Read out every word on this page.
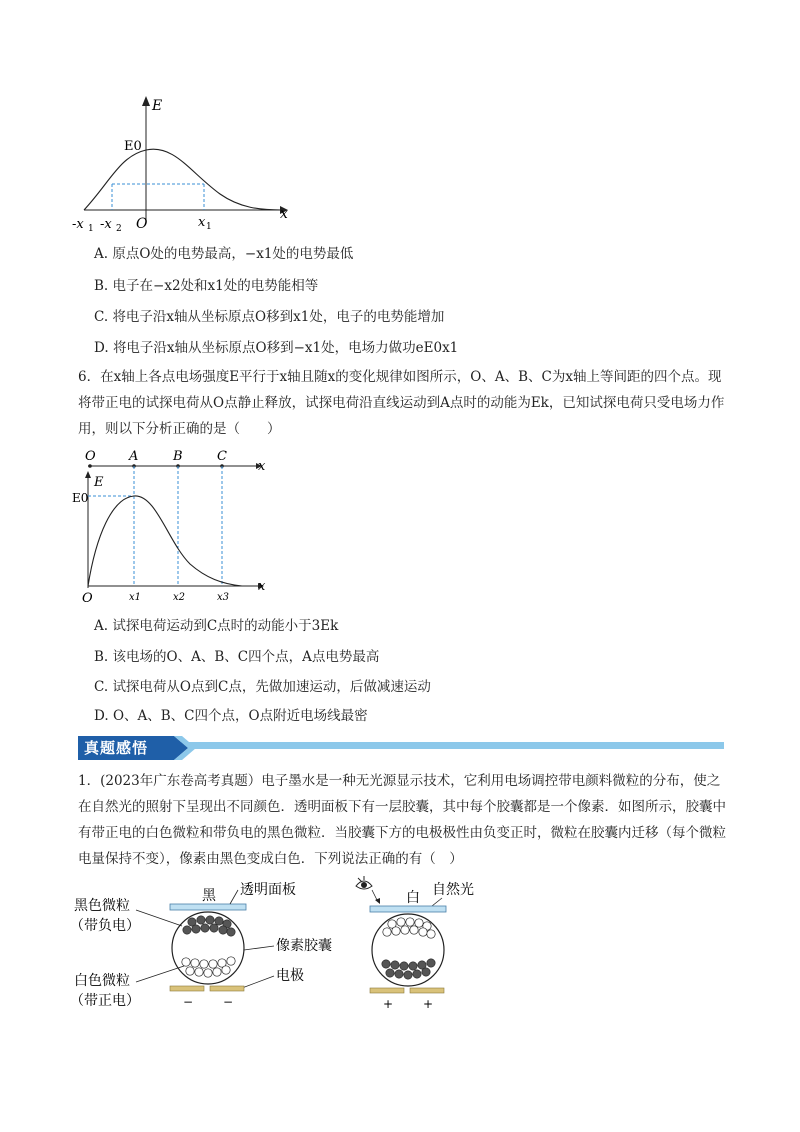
E
E0
x
-x 1 -x 2 O	x 1
A. 原点O处的电势最高，−x1处的电势最低
B. 电子在−x2处和x1处的电势能相等
C. 将电子沿x轴从坐标原点O移到x1处，电子的电势能增加
D. 将电子沿x轴从坐标原点O移到−x1处，电场力做功eE0x1
6．在x轴上各点电场强度E平行于x轴且随x的变化规律如图所示，O、A、B、C为x轴上等间距的四个点。现将带正电的试探电荷从O点静止释放，试探电荷沿直线运动到A点时的动能为Ek，已知试探电荷只受电场力作用，则以下分析正确的是（　　）
O	A	B	C
x
E
E0
O
x
x1	x2	x3
A. 试探电荷运动到C点时的动能小于3Ek
B. 该电场的O、A、B、C四个点，A点电势最高
C. 试探电荷从O点到C点，先做加速运动，后做减速运动
D. O、A、B、C四个点，O点附近电场线最密
真题感悟
1．(2023年广东卷高考真题）电子墨水是一种无光源显示技术，它利用电场调控带电颜料微粒的分布，使之在自然光的照射下呈现出不同颜色．透明面板下有一层胶囊，其中每个胶囊都是一个像素．如图所示，胶囊中有带正电的白色微粒和带负电的黑色微粒．当胶囊下方的电极极性由负变正时，微粒在胶囊内迁移（每个微粒电量保持不变），像素由黑色变成白色．下列说法正确的有（　）
黑色微粒
（带负电）
白色微粒
（带正电）
黑 透明面板
像素胶囊
电极
白 自然光
− −	+ +
